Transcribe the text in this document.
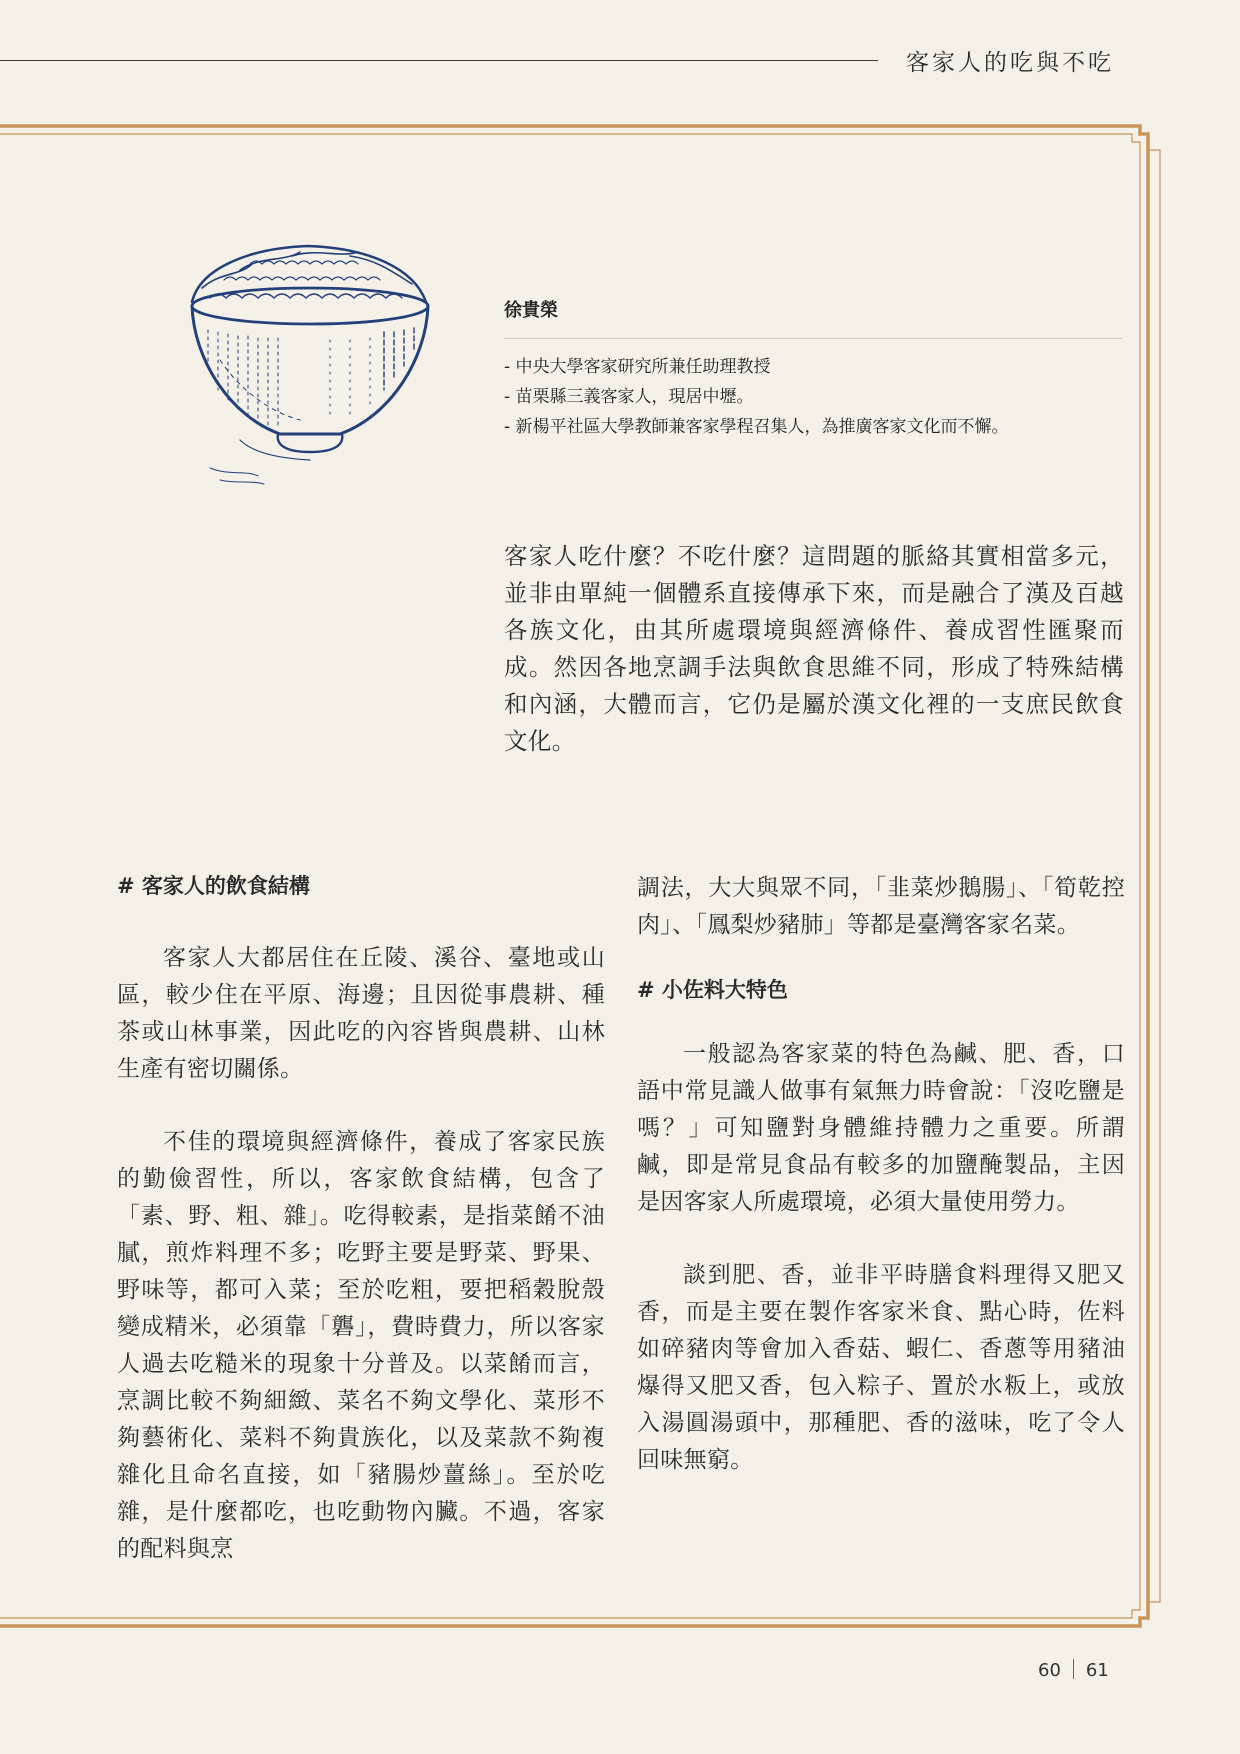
客家人的吃與不吃
徐貴榮
- 中央大學客家研究所兼任助理教授
- 苗栗縣三義客家人，現居中壢。
- 新楊平社區大學教師兼客家學程召集人，為推廣客家文化而不懈。

客家人吃什麼？不吃什麼？這問題的脈絡其實相當多元，並非由單純一個體系直接傳承下來，而是融合了漢及百越各族文化，由其所處環境與經濟條件、養成習性匯聚而成。然因各地烹調手法與飲食思維不同，形成了特殊結構和內涵，大體而言，它仍是屬於漢文化裡的一支庶民飲食文化。

# 客家人的飲食結構

客家人大都居住在丘陵、溪谷、臺地或山區，較少住在平原、海邊；且因從事農耕、種茶或山林事業，因此吃的內容皆與農耕、山林生產有密切關係。

不佳的環境與經濟條件，養成了客家民族的勤儉習性，所以，客家飲食結構，包含了「素、野、粗、雜」。吃得較素，是指菜餚不油膩，煎炸料理不多；吃野主要是野菜、野果、野味等，都可入菜；至於吃粗，要把稻穀脫殼變成精米，必須靠「礱」，費時費力，所以客家人過去吃糙米的現象十分普及。以菜餚而言，烹調比較不夠細緻、菜名不夠文學化、菜形不夠藝術化、菜料不夠貴族化，以及菜款不夠複雜化且命名直接，如「豬腸炒薑絲」。至於吃雜，是什麼都吃，也吃動物內臟。不過，客家的配料與烹

調法，大大與眾不同，「韭菜炒鵝腸」、「筍乾控肉」、「鳳梨炒豬肺」等都是臺灣客家名菜。

# 小佐料大特色

一般認為客家菜的特色為鹹、肥、香，口語中常見識人做事有氣無力時會說：「沒吃鹽是嗎？」可知鹽對身體維持體力之重要。所謂鹹，即是常見食品有較多的加鹽醃製品，主因是因客家人所處環境，必須大量使用勞力。

談到肥、香，並非平時膳食料理得又肥又香，而是主要在製作客家米食、點心時，佐料如碎豬肉等會加入香菇、蝦仁、香蔥等用豬油爆得又肥又香，包入粽子、置於水粄上，或放入湯圓湯頭中，那種肥、香的滋味，吃了令人回味無窮。

60 61
